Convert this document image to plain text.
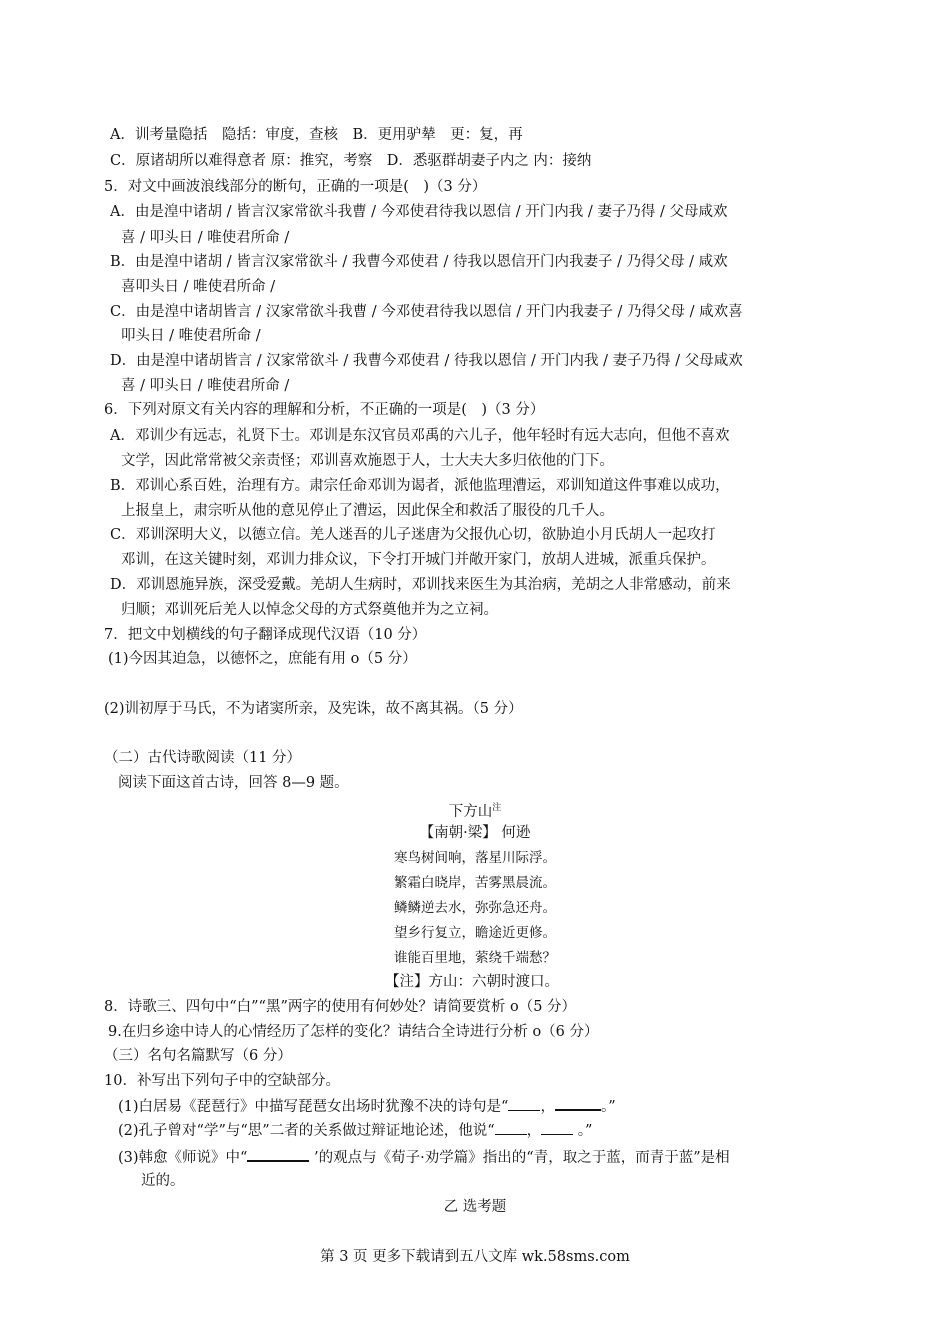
A．训考量隐括　隐括：审度，查核　B．更用驴辇　更：复，再
C．原诸胡所以难得意者 原：推究，考察　D．悉驱群胡妻子内之 内：接纳
5．对文中画波浪线部分的断句，正确的一项是(　)（3 分）
A．由是湟中诸胡 / 皆言汉家常欲斗我曹 / 今邓使君待我以恩信 / 开门内我 / 妻子乃得 / 父母咸欢
喜 / 叩头日 / 唯使君所命 /
B．由是湟中诸胡 / 皆言汉家常欲斗 / 我曹今邓使君 / 待我以恩信开门内我妻子 / 乃得父母 / 咸欢
喜叩头日 / 唯使君所命 /
C．由是湟中诸胡皆言 / 汉家常欲斗我曹 / 今邓使君待我以恩信 / 开门内我妻子 / 乃得父母 / 咸欢喜
叩头日 / 唯使君所命 /
D．由是湟中诸胡皆言 / 汉家常欲斗 / 我曹今邓使君 / 待我以恩信 / 开门内我 / 妻子乃得 / 父母咸欢
喜 / 叩头日 / 唯使君所命 /
6．下列对原文有关内容的理解和分析，不正确的一项是(　)（3 分）
A．邓训少有远志，礼贤下士。邓训是东汉官员邓禹的六儿子，他年轻时有远大志向，但他不喜欢
文学，因此常常被父亲责怪；邓训喜欢施恩于人，士大夫大多归依他的门下。
B．邓训心系百姓，治理有方。肃宗任命邓训为谒者，派他监理漕运，邓训知道这件事难以成功，
上报皇上，肃宗听从他的意见停止了漕运，因此保全和救活了服役的几千人。
C．邓训深明大义，以德立信。羌人迷吾的儿子迷唐为父报仇心切，欲胁迫小月氏胡人一起攻打
邓训，在这关键时刻，邓训力排众议，下令打开城门并敞开家门，放胡人进城，派重兵保护。
D．邓训恩施异族，深受爱戴。羌胡人生病时，邓训找来医生为其治病，羌胡之人非常感动，前来
归顺；邓训死后羌人以悼念父母的方式祭奠他并为之立祠。
7．把文中划横线的句子翻译成现代汉语（10 分）
(1)今因其迫急，以德怀之，庶能有用 o（5 分）
(2)训初厚于马氏，不为诸窦所亲，及宪诛，故不离其祸。（5 分）
（二）古代诗歌阅读（11 分）
阅读下面这首古诗，回答 8—9 题。
下方山$^注$
【南朝·梁】 何逊
寒鸟树间响，落星川际浮。
繁霜白晓岸，苦雾黑晨流。
鳞鳞逆去水，弥弥急还舟。
望乡行复立，瞻途近更修。
谁能百里地，萦绕千端愁？
【注】方山：六朝时渡口。
8．诗歌三、四句中“白”“黑”两字的使用有何妙处？请简要赏析 o（5 分）
9.在归乡途中诗人的心情经历了怎样的变化？请结合全诗进行分析 o（6 分）
（三）名句名篇默写（6 分）
10．补写出下列句子中的空缺部分。
(1)白居易《琵琶行》中描写琵琶女出场时犹豫不决的诗句是“ ，	。”
(2)孔子曾对“学”与“思”二者的关系做过辩证地论述，他说“ ， 。”
(3)韩愈《师说》中“	’的观点与《荀子·劝学篇》指出的“青，取之于蓝，而青于蓝”是相
近的。
乙 选考题
第 3 页 更多下载请到五八文库 wk.58sms.com
